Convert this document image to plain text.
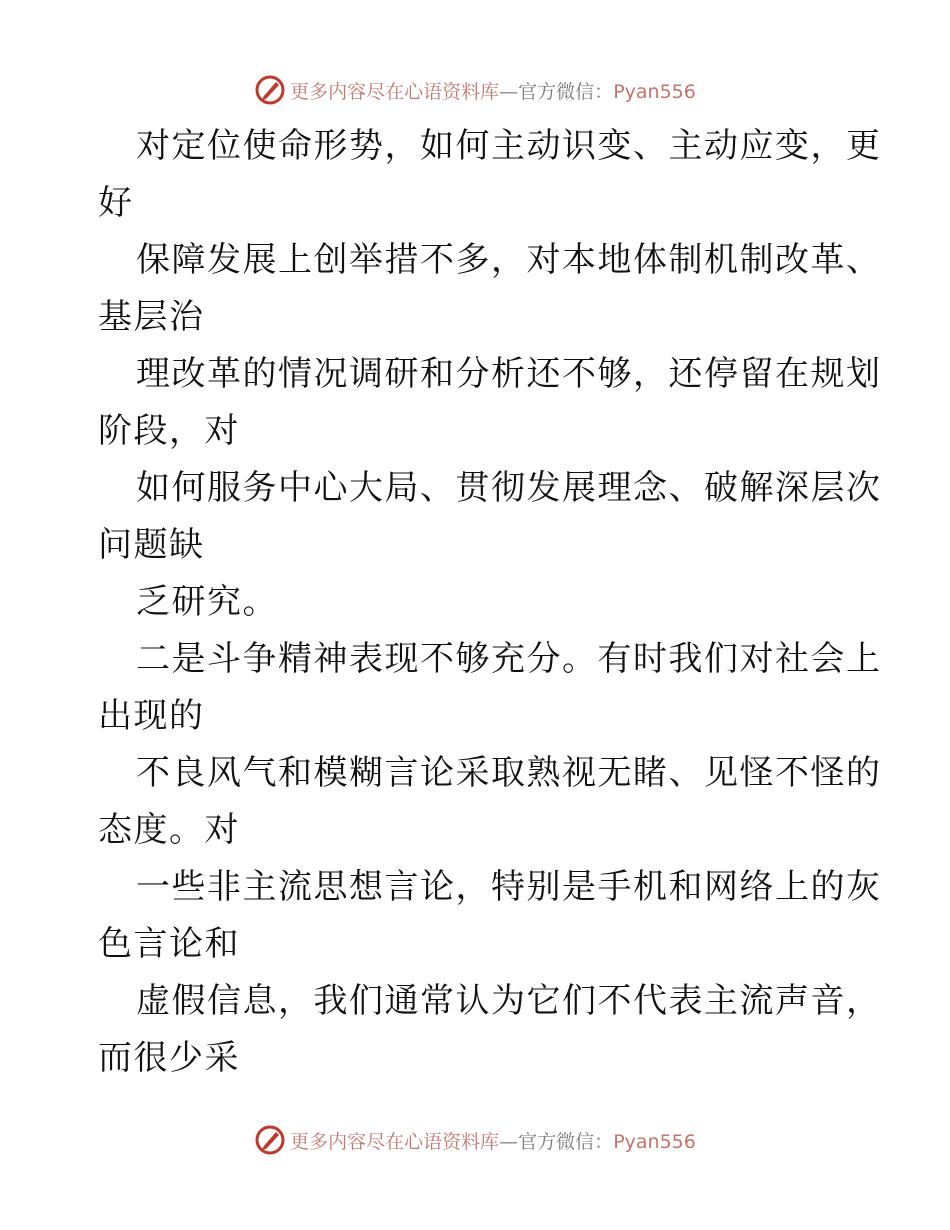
更多内容尽在心语资料库—官方微信：Pyan556
对定位使命形势，如何主动识变、主动应变，更
好
保障发展上创举措不多，对本地体制机制改革、
基层治
理改革的情况调研和分析还不够，还停留在规划
阶段，对
如何服务中心大局、贯彻发展理念、破解深层次
问题缺
乏研究。
二是斗争精神表现不够充分。有时我们对社会上
出现的
不良风气和模糊言论采取熟视无睹、见怪不怪的
态度。对
一些非主流思想言论，特别是手机和网络上的灰
色言论和
虚假信息，我们通常认为它们不代表主流声音，
而很少采
更多内容尽在心语资料库—官方微信：Pyan556
